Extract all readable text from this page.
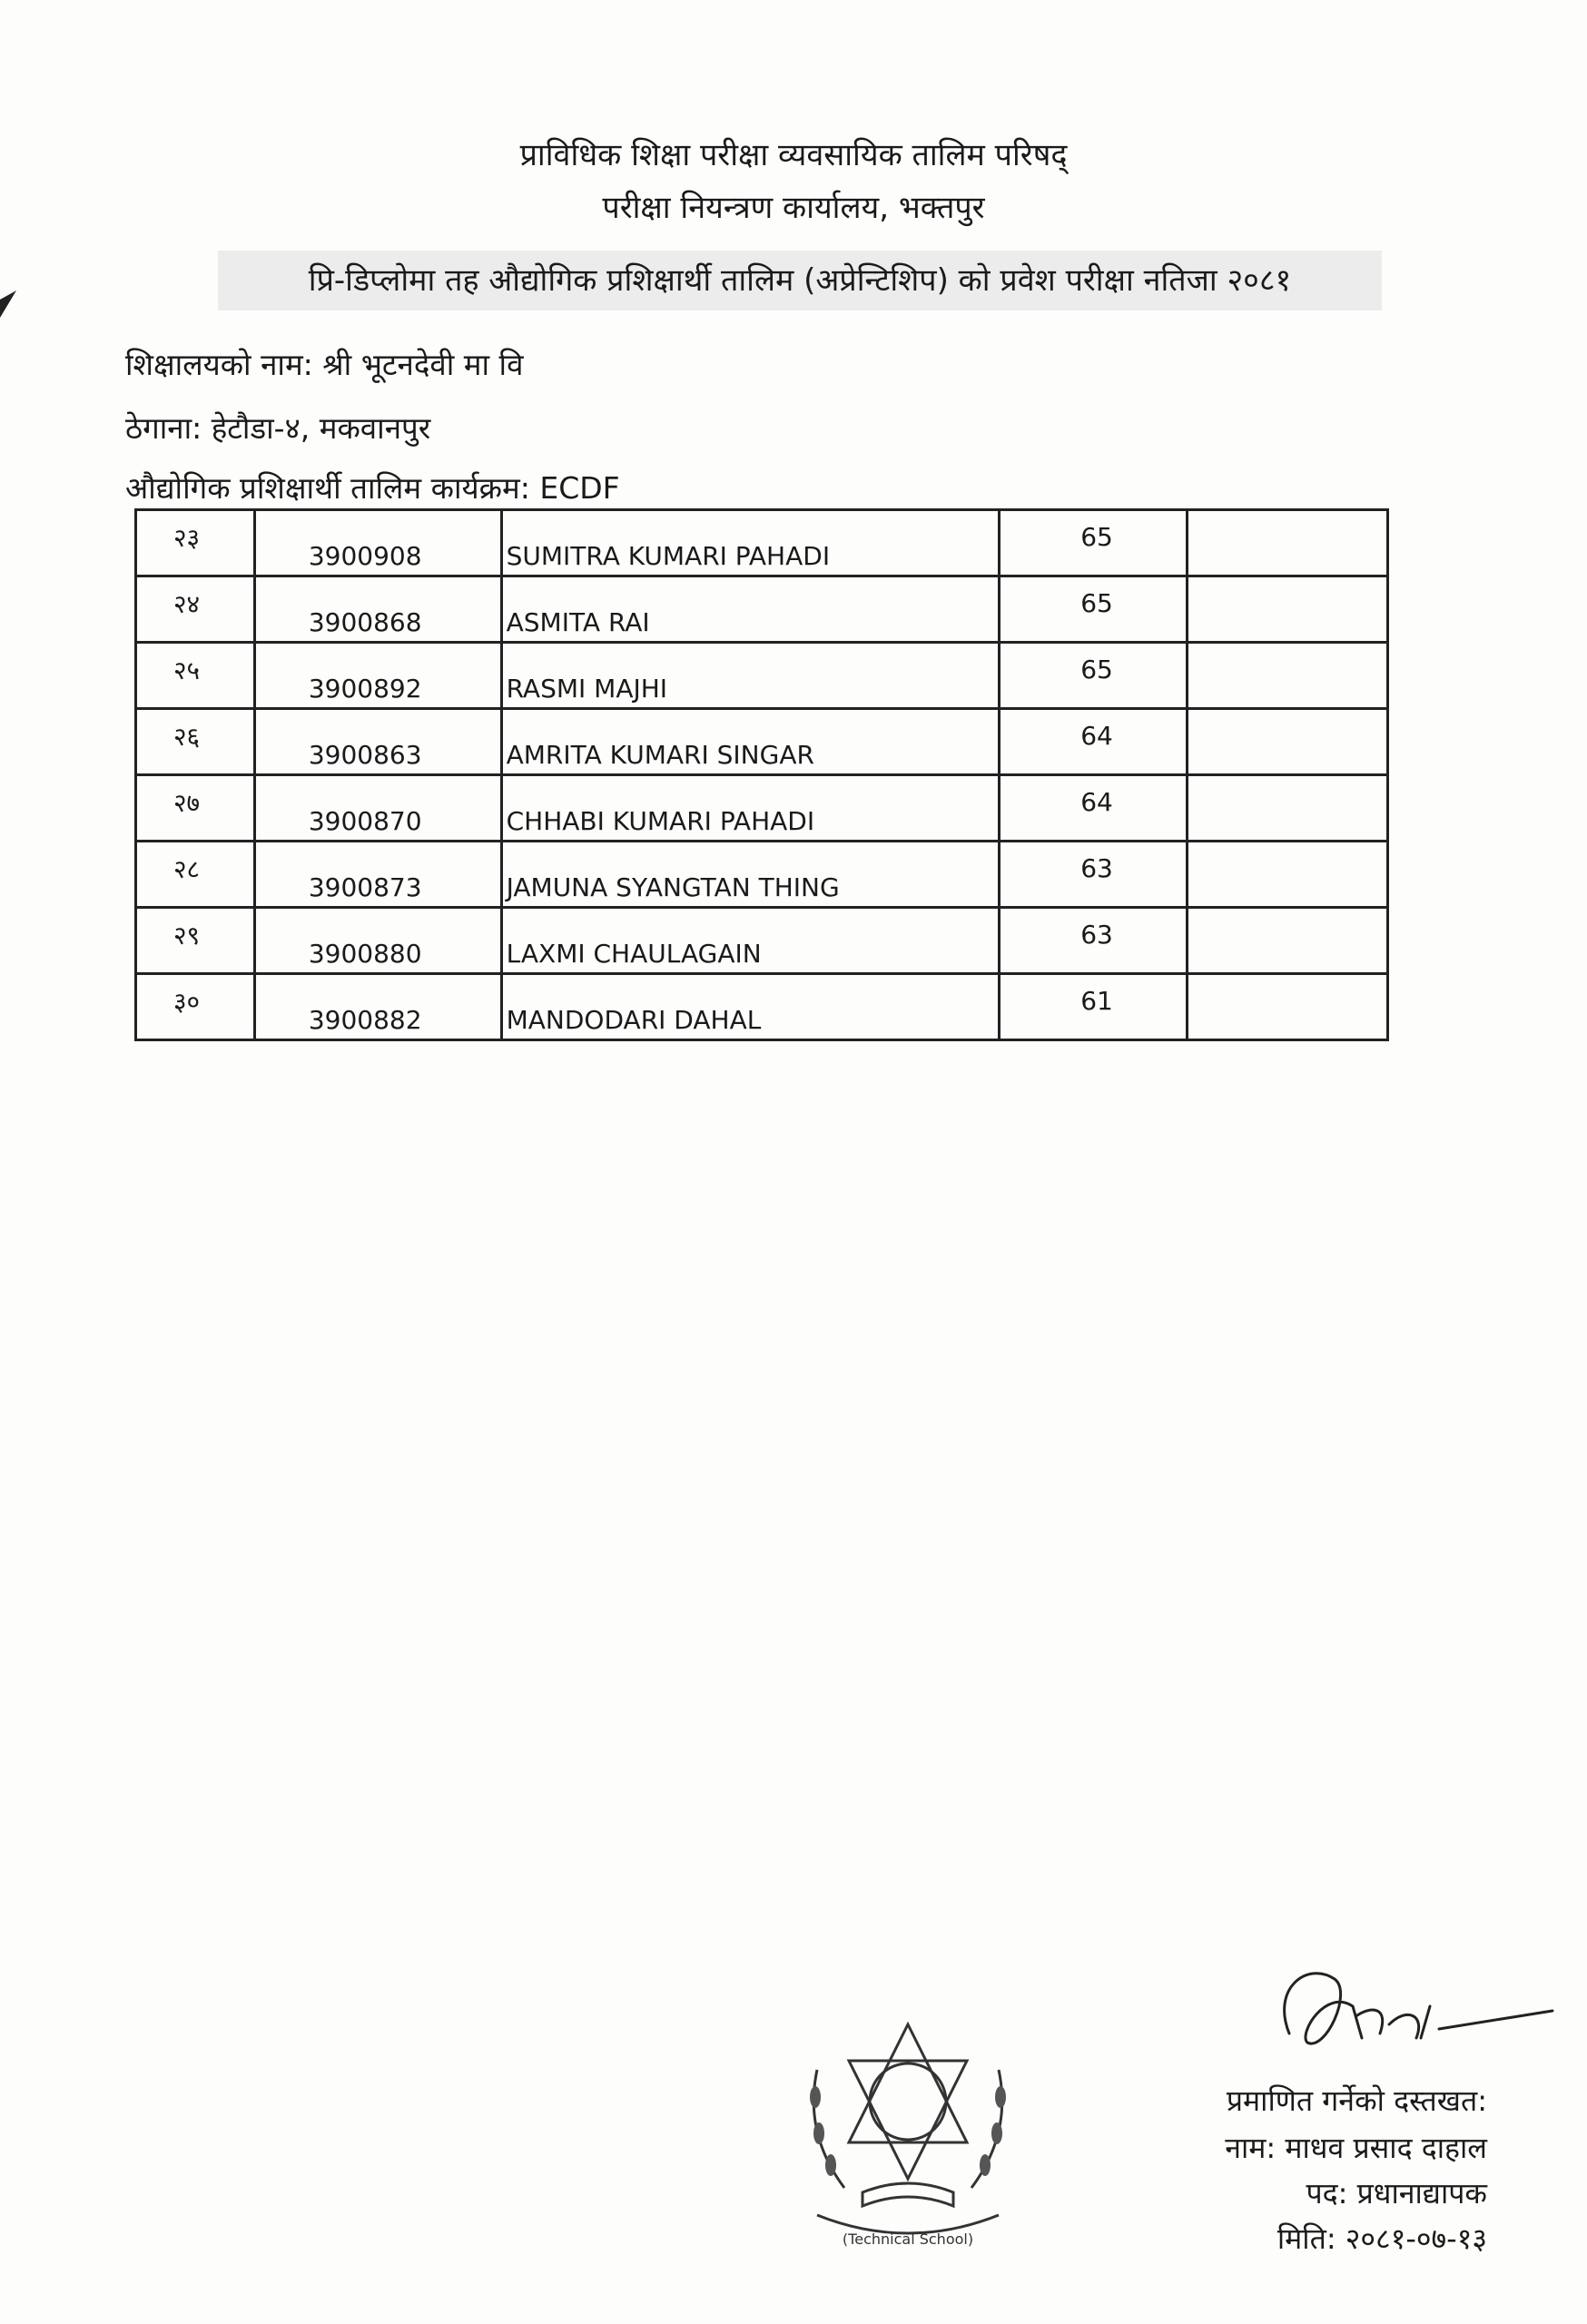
प्राविधिक शिक्षा परीक्षा व्यवसायिक तालिम परिषद्
परीक्षा नियन्त्रण कार्यालय, भक्तपुर
प्रि-डिप्लोमा तह औद्योगिक प्रशिक्षार्थी तालिम (अप्रेन्टिशिप) को प्रवेश परीक्षा नतिजा २०८१
शिक्षालयको नाम: श्री भूटनदेवी मा वि
ठेगाना: हेटौडा-४, मकवानपुर
औद्योगिक प्रशिक्षार्थी तालिम कार्यक्रम: ECDF
२३	3900908	SUMITRA KUMARI PAHADI	65	

२४	3900868	ASMITA RAI	65	

२५	3900892	RASMI MAJHI	65	

२६	3900863	AMRITA KUMARI SINGAR	64	

२७	3900870	CHHABI KUMARI PAHADI	64	

२८	3900873	JAMUNA SYANGTAN THING	63	

२९	3900880	LAXMI CHAULAGAIN	63	

३०	3900882	MANDODARI DAHAL	61	

(Technical School)
प्रमाणित गर्नेको दस्तखत:
नाम: माधव प्रसाद दाहाल
पद: प्रधानाद्यापक
मिति: २०८१-०७-१३
